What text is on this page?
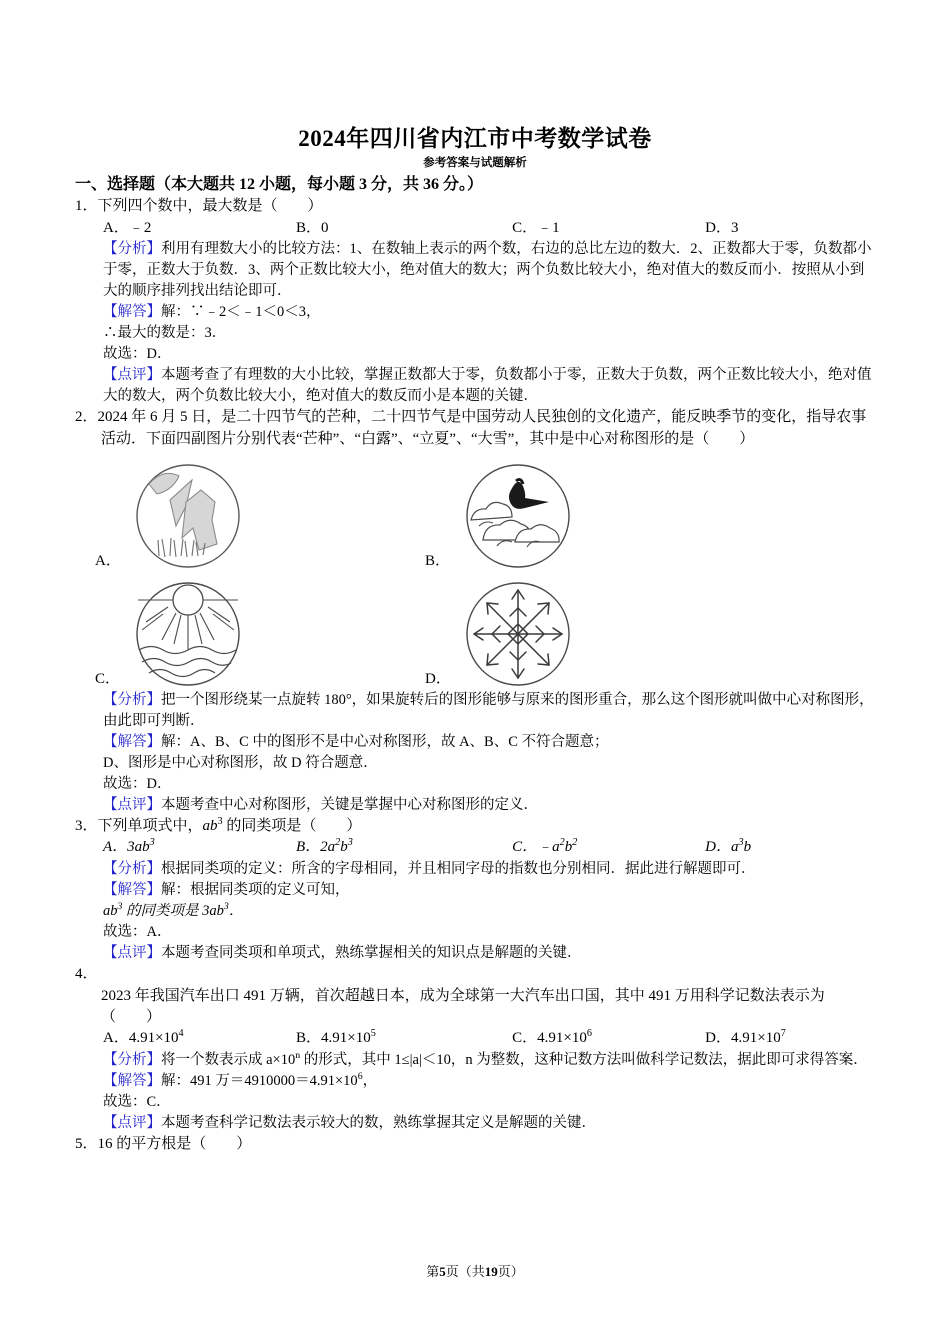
2024年四川省内江市中考数学试卷
参考答案与试题解析
一、选择题（本大题共 12 小题，每小题 3 分，共 36 分。）
1．下列四个数中，最大数是（　　）
A．﹣2	B．0	C．﹣1	D．3
【分析】利用有理数大小的比较方法：1、在数轴上表示的两个数，右边的总比左边的数大．2、正数都大于零，负数都小于零，正数大于负数．3、两个正数比较大小，绝对值大的数大；两个负数比较大小，绝对值大的数反而小．按照从小到大的顺序排列找出结论即可．
【解答】解：∵﹣2＜﹣1＜0＜3，
∴最大的数是：3．
故选：D．
【点评】本题考查了有理数的大小比较，掌握正数都大于零，负数都小于零，正数大于负数，两个正数比较大小，绝对值大的数大，两个负数比较大小，绝对值大的数反而小是本题的关键．
2．2024 年 6 月 5 日，是二十四节气的芒种，二十四节气是中国劳动人民独创的文化遗产，能反映季节的变化，指导农事活动．下面四副图片分别代表“芒种”、“白露”、“立夏”、“大雪”，其中是中心对称图形的是（　　）
A．	B．
C．	D．
【分析】把一个图形绕某一点旋转 180°，如果旋转后的图形能够与原来的图形重合，那么这个图形就叫做中心对称图形，由此即可判断．
【解答】解：A、B、C 中的图形不是中心对称图形，故 A、B、C 不符合题意；
D、图形是中心对称图形，故 D 符合题意．
故选：D．
【点评】本题考查中心对称图形，关键是掌握中心对称图形的定义．
3．下列单项式中，$ab^3$ 的同类项是（　　）
A．$3ab^3$	B．$2a^2b^3$	C．$﹣a^2b^2$	D．$a^3b$
【分析】根据同类项的定义：所含的字母相同，并且相同字母的指数也分别相同．据此进行解题即可．
【解答】解：根据同类项的定义可知，
$ab^3$ 的同类项是 $3ab^3$．
故选：A．
【点评】本题考查同类项和单项式，熟练掌握相关的知识点是解题的关键．
4．2023 年我国汽车出口 491 万辆，首次超越日本，成为全球第一大汽车出口国，其中 491 万用科学记数法表示为（　　）
A．$4.91\times 10^4$	B．$4.91\times 10^5$	C．$4.91\times 10^6$	D．$4.91\times 10^7$
【分析】将一个数表示成 $a\times 10^n$ 的形式，其中 1≤|a|＜10，n 为整数，这种记数方法叫做科学记数法，据此即可求得答案．
【解答】解：491 万$=4910000=4.91\times 10^6$，
故选：C．
【点评】本题考查科学记数法表示较大的数，熟练掌握其定义是解题的关键．
5．16 的平方根是（　　）
第5页（共19页）
